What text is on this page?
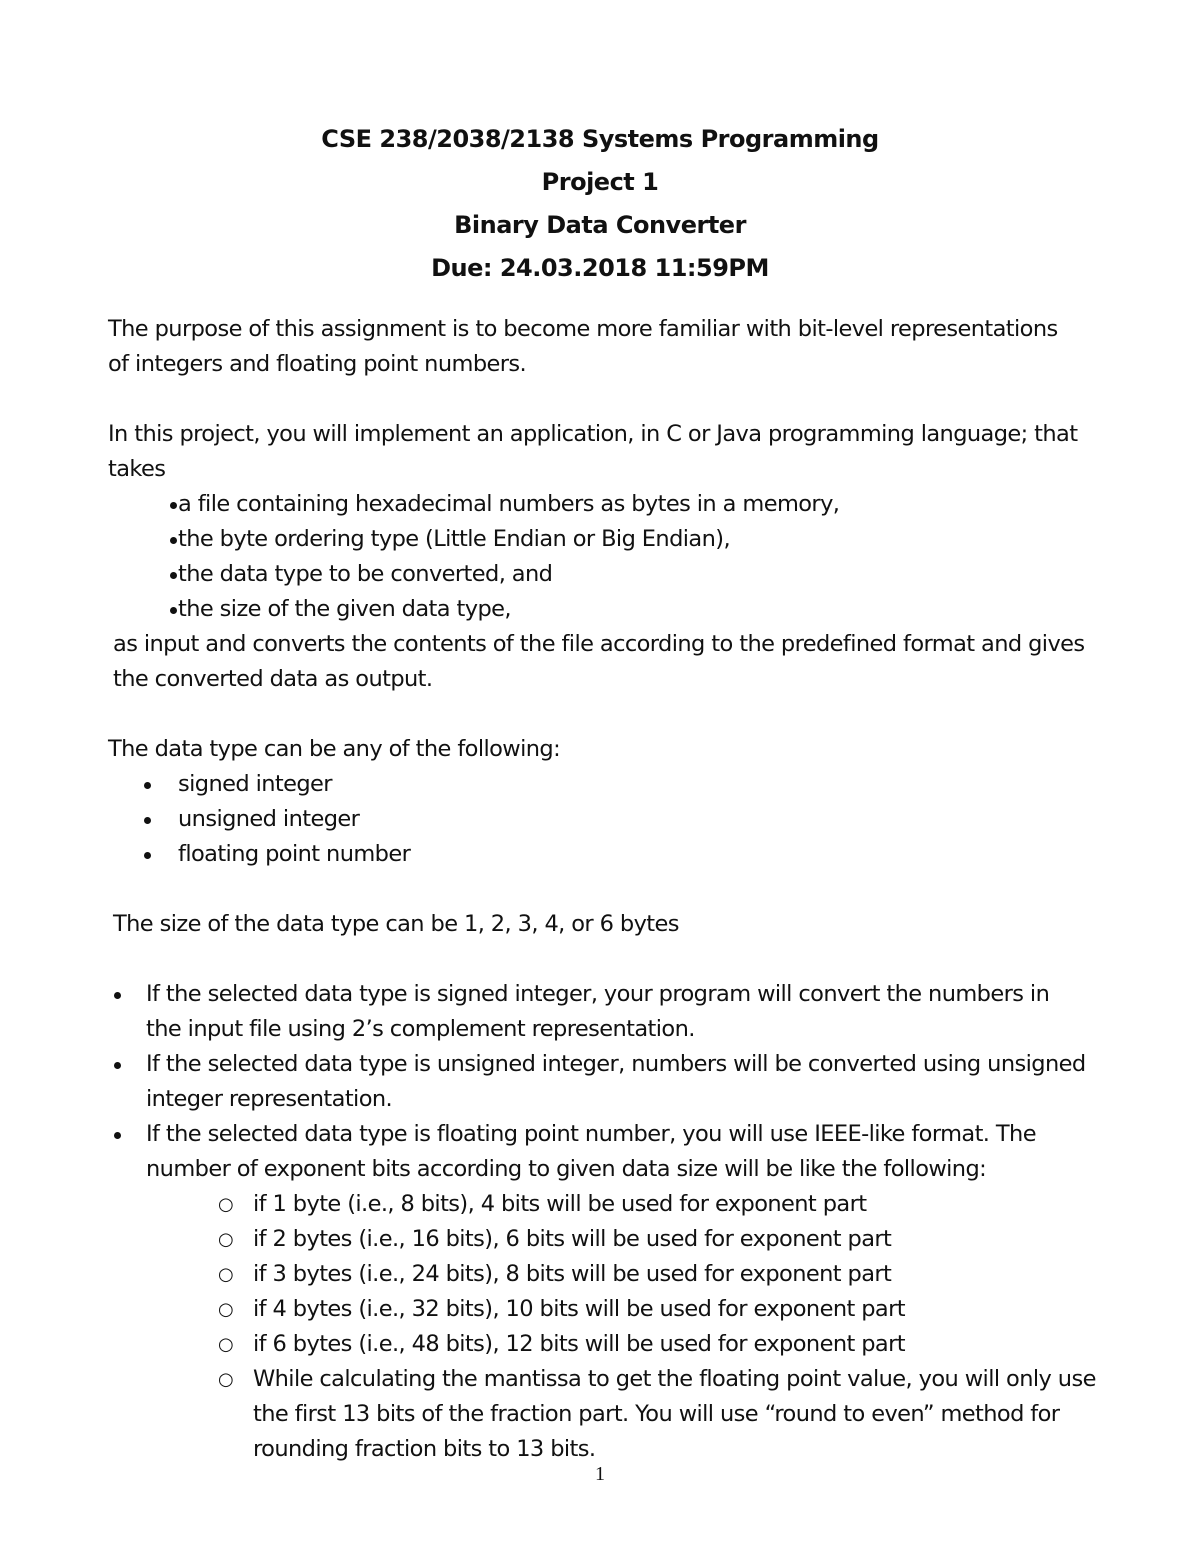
CSE 238/2038/2138 Systems Programming
Project 1
Binary Data Converter
Due: 24.03.2018 11:59PM
The purpose of this assignment is to become more familiar with bit-level representations
of integers and floating point numbers.
In this project, you will implement an application, in C or Java programming language; that
takes
a file containing hexadecimal numbers as bytes in a memory,
the byte ordering type (Little Endian or Big Endian),
the data type to be converted, and
the size of the given data type,
as input and converts the contents of the file according to the predefined format and gives
the converted data as output.
The data type can be any of the following:
signed integer
unsigned integer
floating point number
The size of the data type can be 1, 2, 3, 4, or 6 bytes
If the selected data type is signed integer, your program will convert the numbers in
the input file using 2’s complement representation.
If the selected data type is unsigned integer, numbers will be converted using unsigned
integer representation.
If the selected data type is floating point number, you will use IEEE-like format. The
number of exponent bits according to given data size will be like the following:
○ if 1 byte (i.e., 8 bits), 4 bits will be used for exponent part
○ if 2 bytes (i.e., 16 bits), 6 bits will be used for exponent part
○ if 3 bytes (i.e., 24 bits), 8 bits will be used for exponent part
○ if 4 bytes (i.e., 32 bits), 10 bits will be used for exponent part
○ if 6 bytes (i.e., 48 bits), 12 bits will be used for exponent part
○ While calculating the mantissa to get the floating point value, you will only use
the first 13 bits of the fraction part. You will use “round to even” method for
rounding fraction bits to 13 bits.
1
